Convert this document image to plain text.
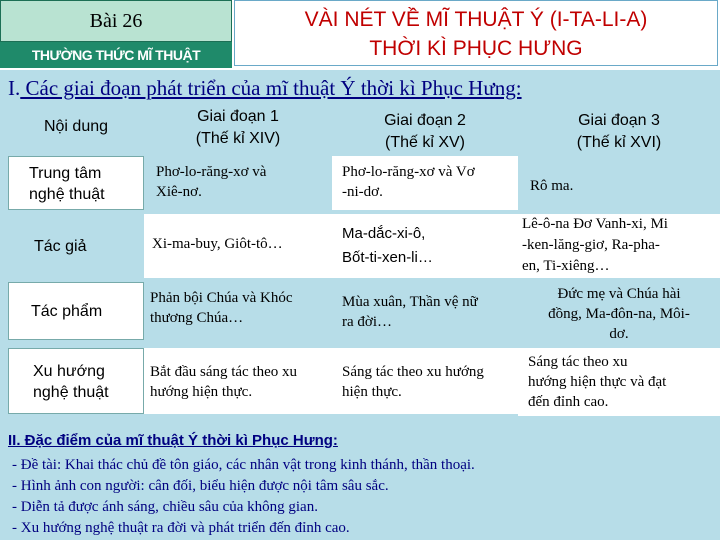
Bài 26
THƯỜNG THỨC MĨ THUẬT
VÀI NÉT VỀ MĨ THUẬT Ý (I-TA-LI-A)
THỜI KÌ PHỤC HƯNG
I. Các giai đoạn phát triển của mĩ thuật Ý thời kì Phục Hưng:
Nội dung
Giai đoạn 1
(Thế kỉ XIV)
Giai đoạn 2
(Thế kỉ XV)
Giai đoạn 3
(Thế kỉ XVI)
Trung tâm
nghệ thuật
Phơ-lo-răng-xơ và
Xiê-nơ.
Phơ-lo-răng-xơ và Vơ
-ni-dơ.	Rô ma.
Tác giả	Xi-ma-buy, Giôt-tô…
Ma-dắc-xi-ô,
Bốt-ti-xen-li…
Lê-ô-na Đơ Vanh-xi, Mi
-ken-lăng-giơ, Ra-pha-
en, Ti-xiêng…
Tác phẩm
Phản bội Chúa và Khóc
thương Chúa…
Mùa xuân, Thần vệ nữ
ra đời…
Đức mẹ và Chúa hài
đồng, Ma-đôn-na, Môi-
dơ.
Xu hướng
nghệ thuật
Bắt đầu sáng tác theo xu
hướng hiện thực.
Sáng tác theo xu hướng
hiện thực.
Sáng tác theo xu
hướng hiện thực và đạt
đến đỉnh cao.
II. Đặc điểm của mĩ thuật Ý thời kì Phục Hưng:
- Đề tài: Khai thác chủ đề tôn giáo, các nhân vật trong kinh thánh, thần thoại.
- Hình ảnh con người: cân đối, biểu hiện được nội tâm sâu sắc.
- Diễn tả được ánh sáng, chiều sâu của không gian.
- Xu hướng nghệ thuật ra đời và phát triển đến đỉnh cao.
